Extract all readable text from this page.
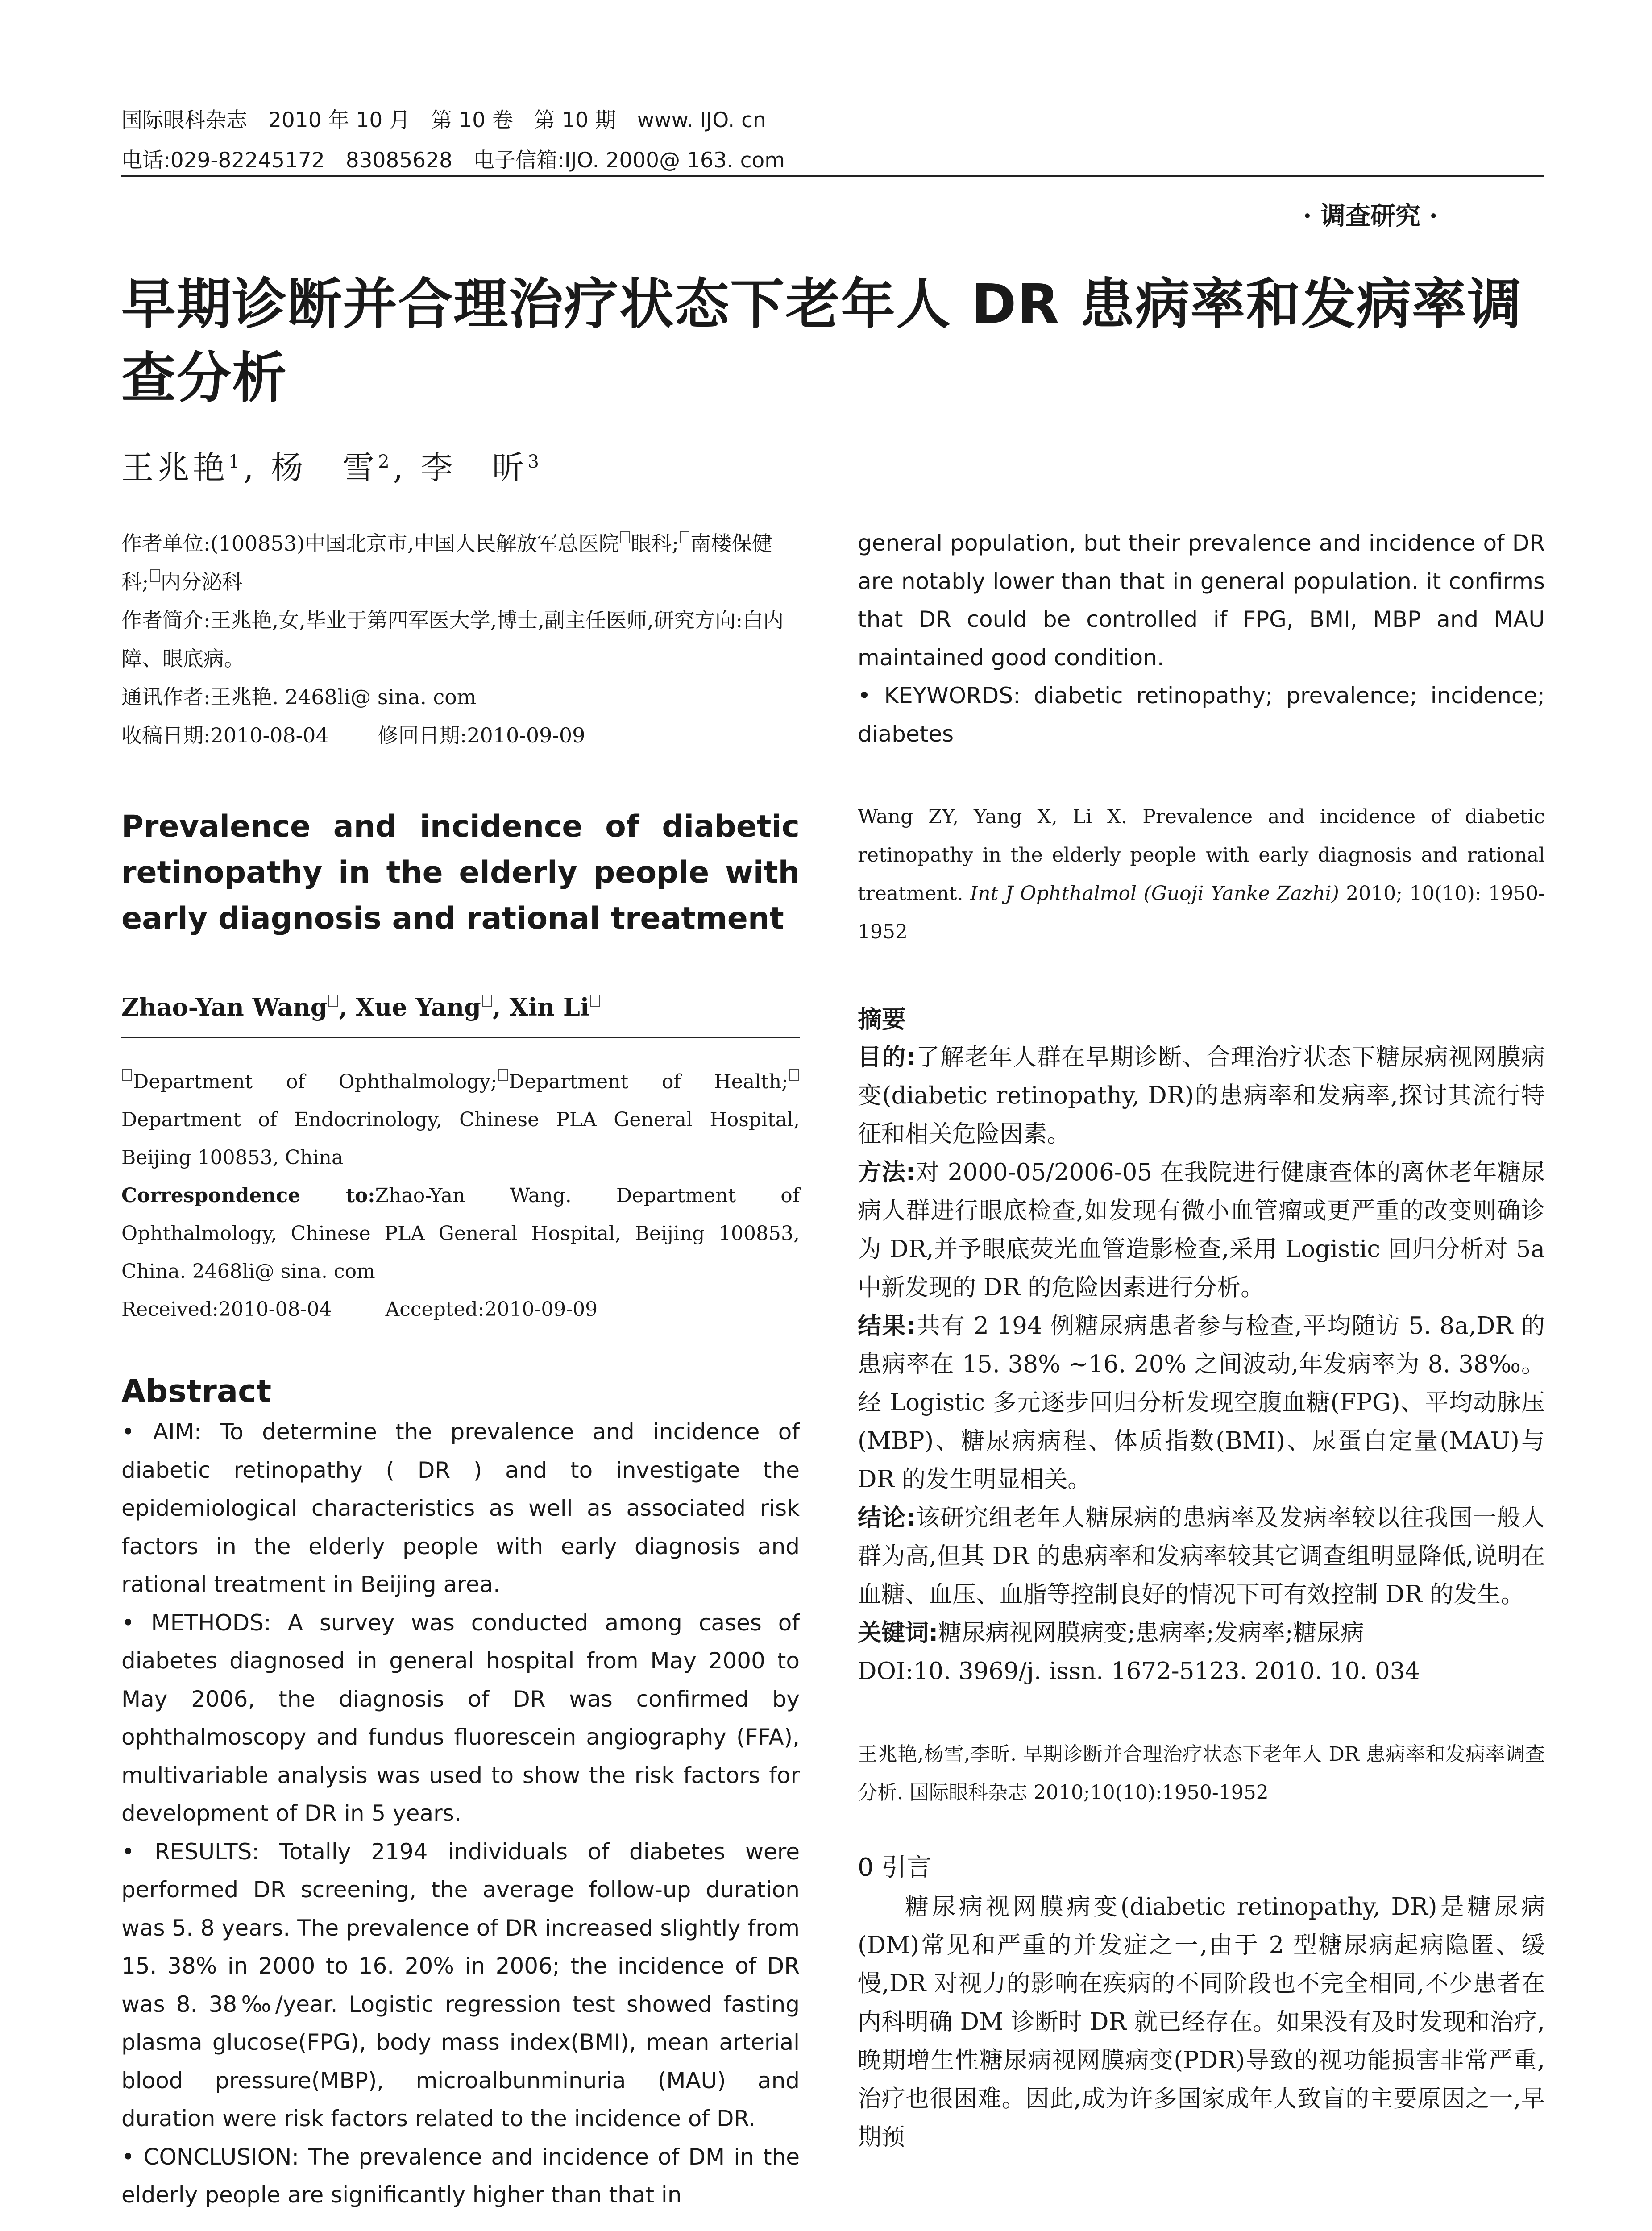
国际眼科杂志　2010 年 10 月　第 10 卷　第 10 期　www. IJO. cn
电话:029-82245172　83085628　电子信箱:IJO. 2000@ 163. com
· 调查研究 ·
早期诊断并合理治疗状态下老年人 DR 患病率和发病率调查分析
王兆艳$^1$, 杨　雪$^2$, 李　昕$^3$
作者单位:(100853)中国北京市,中国人民解放军总医院 眼科; 南楼保健科; 内分泌科
作者简介:王兆艳,女,毕业于第四军医大学,博士,副主任医师,研究方向:白内障、眼底病。
通讯作者:王兆艳. 2468li@ sina. com
收稿日期:2010-08-04 修回日期:2010-09-09
Prevalence and incidence of diabetic retinopathy in the elderly people with early diagnosis and rational treatment
Zhao-Yan Wang , Xue Yang , Xin Li
Department of Ophthalmology; Department of Health;Department of Endocrinology, Chinese PLA General Hospital, Beijing 100853, China
Correspondence to:Zhao-Yan Wang. Department of Ophthalmology, Chinese PLA General Hospital, Beijing 100853, China. 2468li@ sina. com
Received:2010-08-04	Accepted:2010-09-09
Abstract

• AIM: To determine the prevalence and incidence of diabetic retinopathy ( DR ) and to investigate the epidemiological characteristics as well as associated risk factors in the elderly people with early diagnosis and rational treatment in Beijing area.

• METHODS: A survey was conducted among cases of diabetes diagnosed in general hospital from May 2000 to May 2006, the diagnosis of DR was confirmed by ophthalmoscopy and fundus fluorescein angiography (FFA), multivariable analysis was used to show the risk factors for development of DR in 5 years.

• RESULTS: Totally 2194 individuals of diabetes were performed DR screening, the average follow-up duration was 5. 8 years. The prevalence of DR increased slightly from 15. 38% in 2000 to 16. 20% in 2006; the incidence of DR was 8. 38‰/year. Logistic regression test showed fasting plasma glucose(FPG), body mass index(BMI), mean arterial blood pressure(MBP), microalbunminuria (MAU) and duration were risk factors related to the incidence of DR.

• CONCLUSION: The prevalence and incidence of DM in the elderly people are significantly higher than that in

general population, but their prevalence and incidence of DR are notably lower than that in general population. it confirms that DR could be controlled if FPG, BMI, MBP and MAU maintained good condition.

• KEYWORDS: diabetic retinopathy; prevalence; incidence; diabetes

Wang ZY, Yang X, Li X. Prevalence and incidence of diabetic retinopathy in the elderly people with early diagnosis and rational treatment. Int J Ophthalmol (Guoji Yanke Zazhi) 2010; 10(10): 1950-1952
摘要

目的:了解老年人群在早期诊断、合理治疗状态下糖尿病视网膜病变(diabetic retinopathy, DR)的患病率和发病率,探讨其流行特征和相关危险因素。

方法:对 2000-05/2006-05 在我院进行健康查体的离休老年糖尿病人群进行眼底检查,如发现有微小血管瘤或更严重的改变则确诊为 DR,并予眼底荧光血管造影检查,采用 Logistic 回归分析对 5a 中新发现的 DR 的危险因素进行分析。

结果:共有 2 194 例糖尿病患者参与检查,平均随访 5. 8a,DR 的患病率在 15. 38% ~16. 20% 之间波动,年发病率为 8. 38‰。经 Logistic 多元逐步回归分析发现空腹血糖(FPG)、平均动脉压(MBP)、糖尿病病程、体质指数(BMI)、尿蛋白定量(MAU)与 DR 的发生明显相关。

结论:该研究组老年人糖尿病的患病率及发病率较以往我国一般人群为高,但其 DR 的患病率和发病率较其它调查组明显降低,说明在血糖、血压、血脂等控制良好的情况下可有效控制 DR 的发生。

关键词:糖尿病视网膜病变;患病率;发病率;糖尿病

DOI:10. 3969/j. issn. 1672-5123. 2010. 10. 034

王兆艳,杨雪,李昕. 早期诊断并合理治疗状态下老年人 DR 患病率和发病率调查分析. 国际眼科杂志 2010;10(10):1950-1952
0 引言

糖尿病视网膜病变(diabetic retinopathy, DR)是糖尿病(DM)常见和严重的并发症之一,由于 2 型糖尿病起病隐匿、缓慢,DR 对视力的影响在疾病的不同阶段也不完全相同,不少患者在内科明确 DM 诊断时 DR 就已经存在。如果没有及时发现和治疗,晚期增生性糖尿病视网膜病变(PDR)导致的视功能损害非常严重,治疗也很困难。因此,成为许多国家成年人致盲的主要原因之一,早期预
